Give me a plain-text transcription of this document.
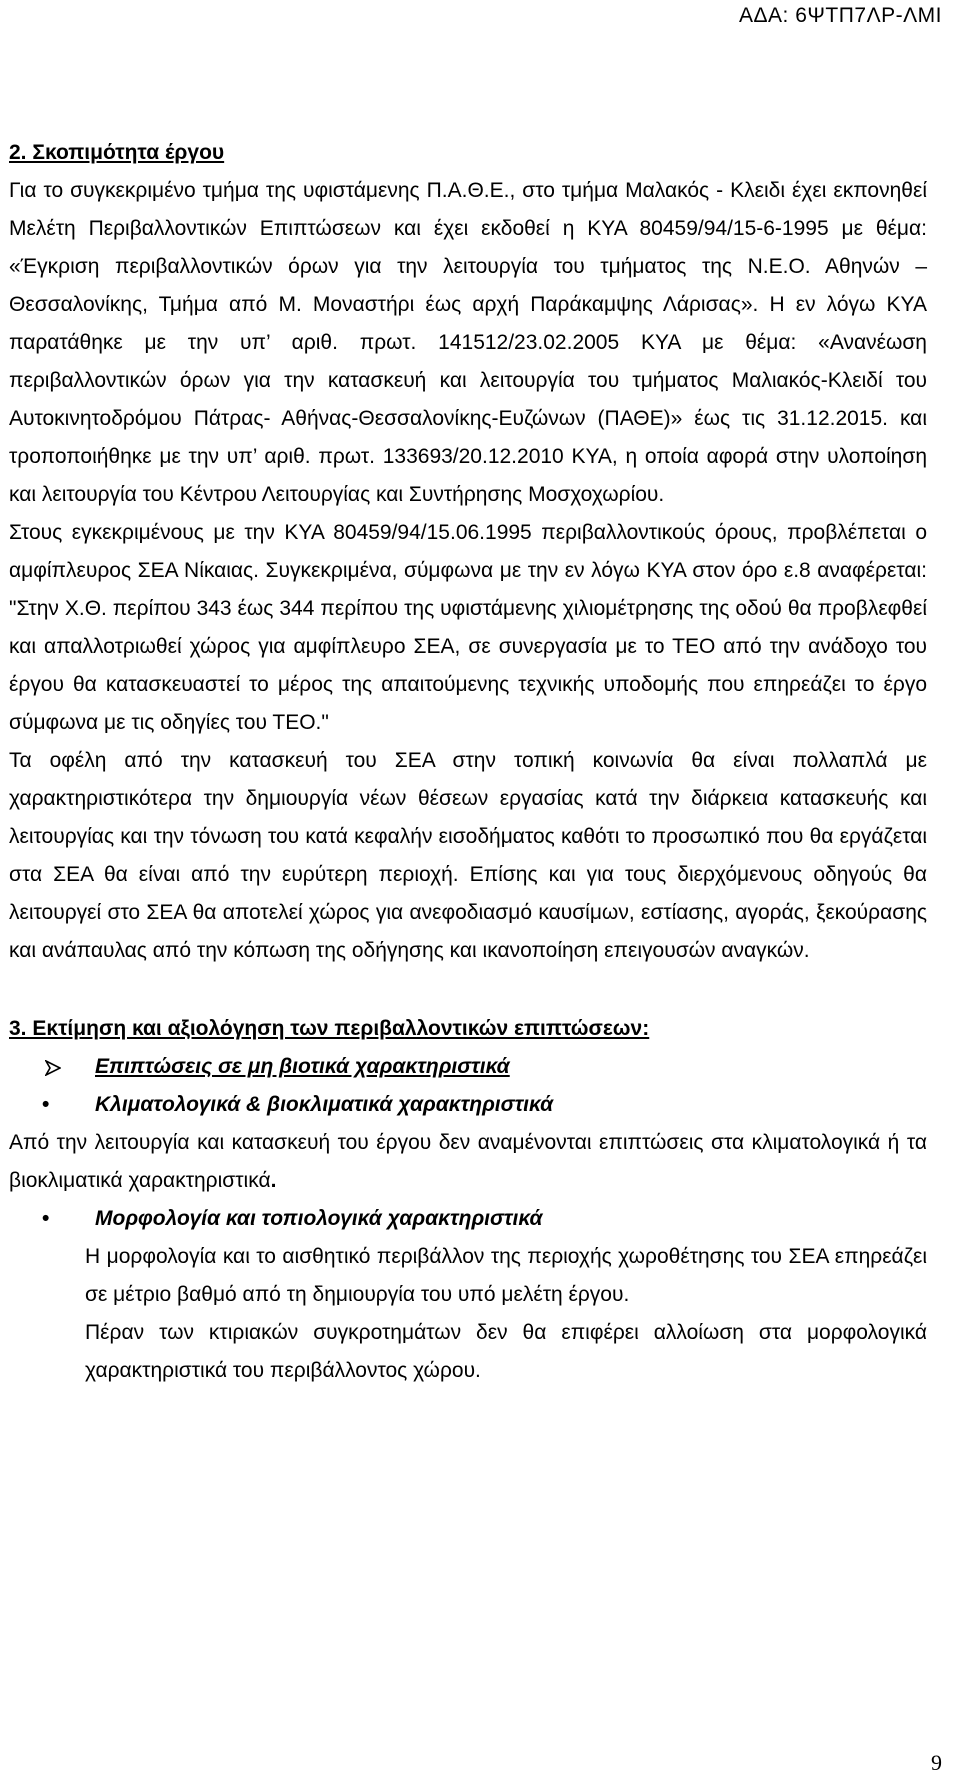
ΑΔΑ: 6ΨΤΠ7ΛΡ-ΛΜΙ

2. Σκοπιμότητα έργου

Για το συγκεκριμένο τμήμα της υφιστάμενης Π.Α.Θ.Ε., στο τμήμα Μαλακός - Κλειδι έχει εκπονηθεί Μελέτη Περιβαλλοντικών Επιπτώσεων και έχει εκδοθεί η ΚΥΑ 80459/94/15-6-1995 με θέμα: «Έγκριση περιβαλλοντικών όρων για την λειτουργία του τμήματος της Ν.Ε.Ο. Αθηνών – Θεσσαλονίκης, Τμήμα από Μ. Μοναστήρι έως αρχή Παράκαμψης Λάρισας». Η εν λόγω ΚΥΑ παρατάθηκε με την υπ’ αριθ. πρωτ. 141512/23.02.2005 ΚΥΑ με θέμα: «Ανανέωση περιβαλλοντικών όρων για την κατασκευή και λειτουργία του τμήματος Μαλιακός-Κλειδί του Αυτοκινητοδρόμου Πάτρας- Αθήνας-Θεσσαλονίκης-Ευζώνων (ΠΑΘΕ)» έως τις 31.12.2015. και τροποποιήθηκε με την υπ’ αριθ. πρωτ. 133693/20.12.2010 ΚΥΑ, η οποία αφορά στην υλοποίηση και λειτουργία του Κέντρου Λειτουργίας και Συντήρησης Μοσχοχωρίου.

Στους εγκεκριμένους με την ΚΥΑ 80459/94/15.06.1995 περιβαλλοντικούς όρους, προβλέπεται ο αμφίπλευρος ΣΕΑ Νίκαιας. Συγκεκριμένα, σύμφωνα με την εν λόγω ΚΥΑ στον όρο ε.8 αναφέρεται: "Στην Χ.Θ. περίπου 343 έως 344 περίπου της υφιστάμενης χιλιομέτρησης της οδού θα προβλεφθεί και απαλλοτριωθεί χώρος για αμφίπλευρο ΣΕΑ, σε συνεργασία με το ΤΕΟ από την ανάδοχο του έργου θα κατασκευαστεί το μέρος της απαιτούμενης τεχνικής υποδομής που επηρεάζει το έργο σύμφωνα με τις οδηγίες του ΤΕΟ."

Τα οφέλη από την κατασκευή του ΣΕΑ στην τοπική κοινωνία θα είναι πολλαπλά με χαρακτηριστικότερα την δημιουργία νέων θέσεων εργασίας κατά την διάρκεια κατασκευής και λειτουργίας και την τόνωση του κατά κεφαλήν εισοδήματος καθότι το προσωπικό που θα εργάζεται στα ΣΕΑ θα είναι από την ευρύτερη περιοχή. Επίσης και για τους διερχόμενους οδηγούς θα λειτουργεί στο ΣΕΑ θα αποτελεί χώρος για ανεφοδιασμό καυσίμων, εστίασης, αγοράς, ξεκούρασης και ανάπαυλας από την κόπωση της οδήγησης και ικανοποίηση επειγουσών αναγκών.

3. Εκτίμηση και αξιολόγηση των περιβαλλοντικών επιπτώσεων:

Επιπτώσεις σε μη βιοτικά χαρακτηριστικά
•	Κλιματολογικά & βιοκλιματικά χαρακτηριστικά

Από την λειτουργία και κατασκευή του έργου δεν αναμένονται επιπτώσεις στα κλιματολογικά ή τα βιοκλιματικά χαρακτηριστικά.

•	Μορφολογία και τοπιολογικά χαρακτηριστικά

Η μορφολογία και το αισθητικό περιβάλλον της περιοχής χωροθέτησης του ΣΕΑ επηρεάζει σε μέτριο βαθμό από τη δημιουργία του υπό μελέτη έργου.

Πέραν των κτιριακών συγκροτημάτων δεν θα επιφέρει αλλοίωση στα μορφολογικά χαρακτηριστικά του περιβάλλοντος χώρου.

9
